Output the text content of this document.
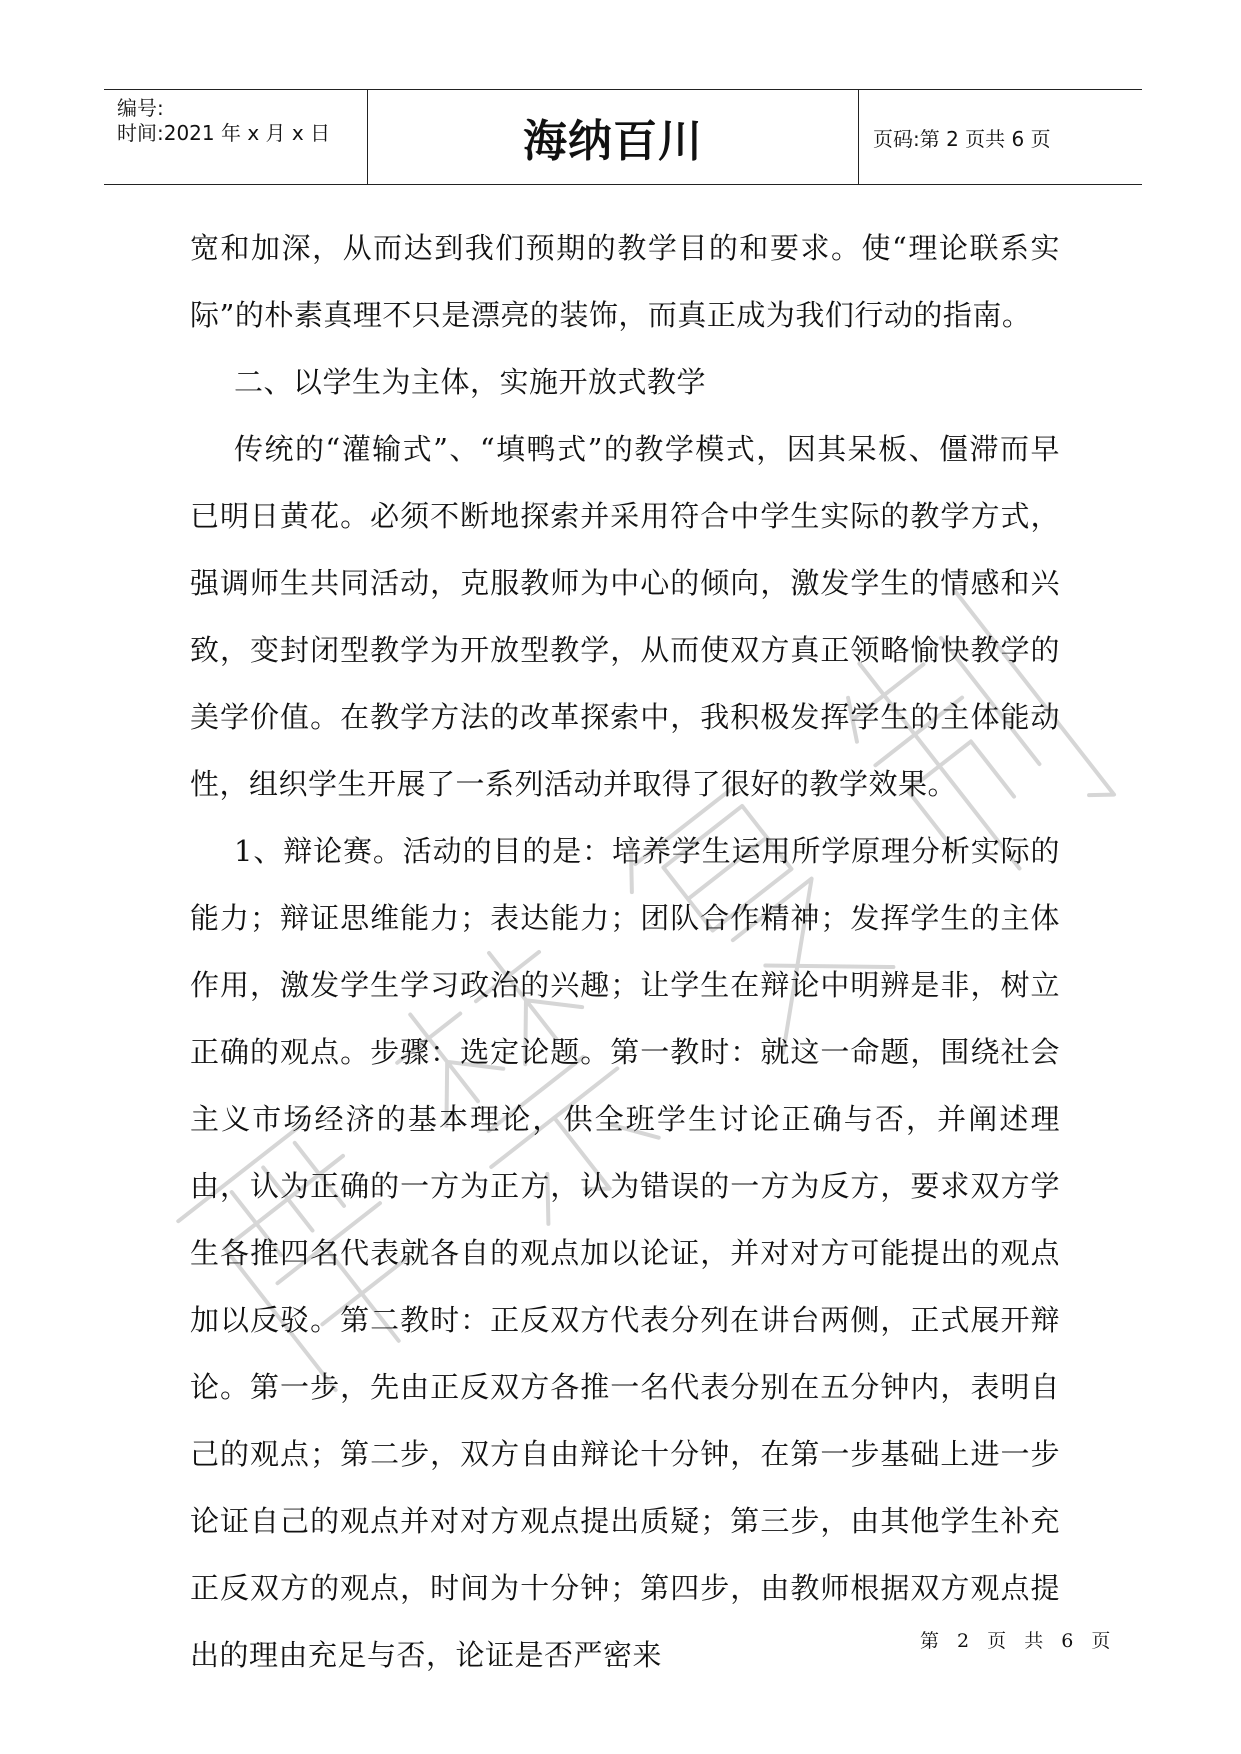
编号:
时间:2021 年 x 月 x 日	海纳百川	页码:第 2 页共 6 页

宽和加深，从而达到我们预期的教学目的和要求。使“理论联系实际”的朴素真理不只是漂亮的装饰，而真正成为我们行动的指南。

二、以学生为主体，实施开放式教学

传统的“灌输式”、“填鸭式”的教学模式，因其呆板、僵滞而早已明日黄花。必须不断地探索并采用符合中学生实际的教学方式，强调师生共同活动，克服教师为中心的倾向，激发学生的情感和兴致，变封闭型教学为开放型教学，从而使双方真正领略愉快教学的美学价值。在教学方法的改革探索中，我积极发挥学生的主体能动性，组织学生开展了一系列活动并取得了很好的教学效果。

1、辩论赛。活动的目的是：培养学生运用所学原理分析实际的能力；辩证思维能力；表达能力；团队合作精神；发挥学生的主体作用，激发学生学习政治的兴趣；让学生在辩论中明辨是非，树立正确的观点。步骤：选定论题。第一教时：就这一命题，围绕社会主义市场经济的基本理论，供全班学生讨论正确与否，并阐述理由，认为正确的一方为正方，认为错误的一方为反方，要求双方学生各推四名代表就各自的观点加以论证，并对对方可能提出的观点加以反驳。第二教时：正反双方代表分列在讲台两侧，正式展开辩论。第一步，先由正反双方各推一名代表分别在五分钟内，表明自己的观点；第二步，双方自由辩论十分钟，在第一步基础上进一步论证自己的观点并对对方观点提出质疑；第三步，由其他学生补充正反双方的观点，时间为十分钟；第四步，由教师根据双方观点提出的理由充足与否，论证是否严密来	第 2 页 共 6 页
